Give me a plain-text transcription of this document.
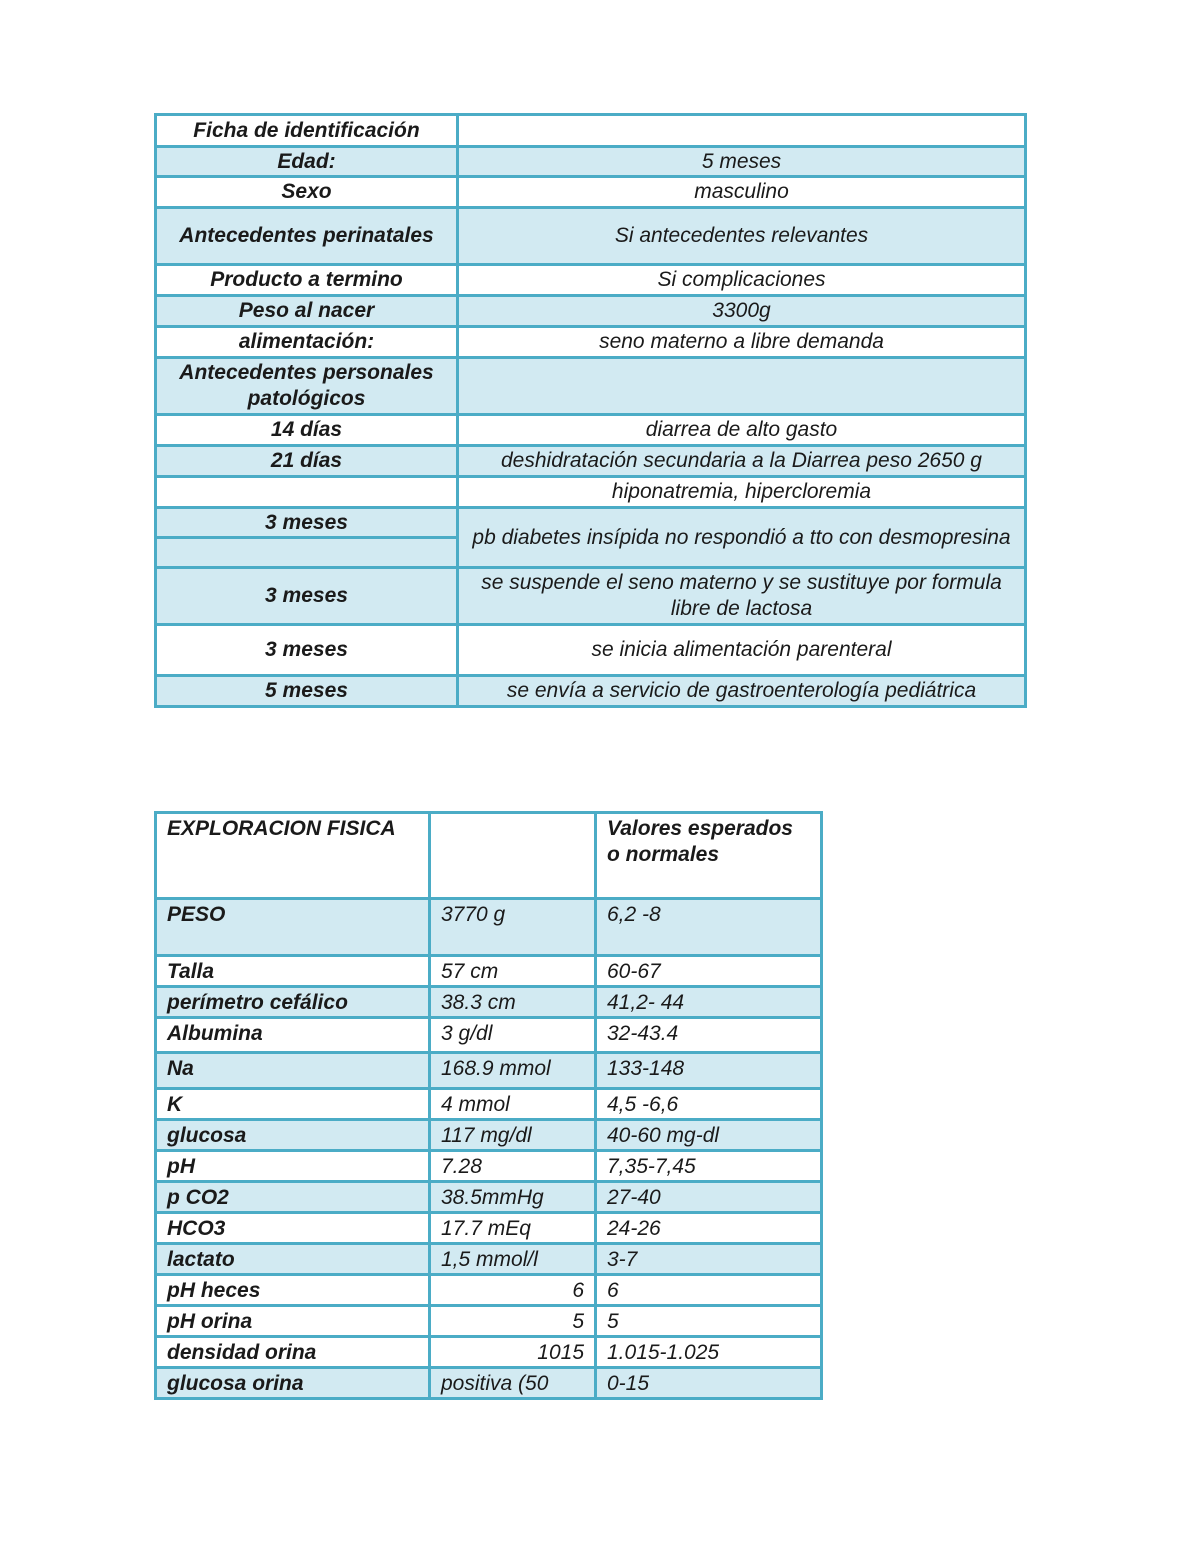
Ficha de identificación	
Edad:	5 meses
Sexo	masculino
Antecedentes perinatales	Si antecedentes relevantes
Producto a termino	Si complicaciones
Peso al nacer	3300g
alimentación:	seno materno a libre demanda
Antecedentes personales patológicos	
14 días	diarrea de alto gasto
21 días	deshidratación secundaria a la Diarrea peso 2650 g
	hiponatremia, hipercloremia
3 meses	pb diabetes insípida no respondió a tto con desmopresina

3 meses	se suspende el seno materno y se sustituye por formula libre de lactosa
3 meses	se inicia alimentación parenteral
5 meses	se envía a servicio de gastroenterología pediátrica
EXPLORACION FISICA		Valores esperados o normales
PESO	3770 g	6,2 -8
Talla	57 cm	60-67
perímetro cefálico	38.3 cm	41,2- 44
Albumina	3 g/dl	32-43.4
Na	168.9 mmol	133-148
K	4 mmol	4,5 -6,6
glucosa	117 mg/dl	40-60 mg-dl
pH	7.28	7,35-7,45
p CO2	38.5mmHg	27-40
HCO3	17.7 mEq	24-26
lactato	1,5 mmol/l	3-7
pH heces	6	6
pH orina	5	5
densidad orina	1015	1.015-1.025
glucosa orina	positiva (50	0-15
